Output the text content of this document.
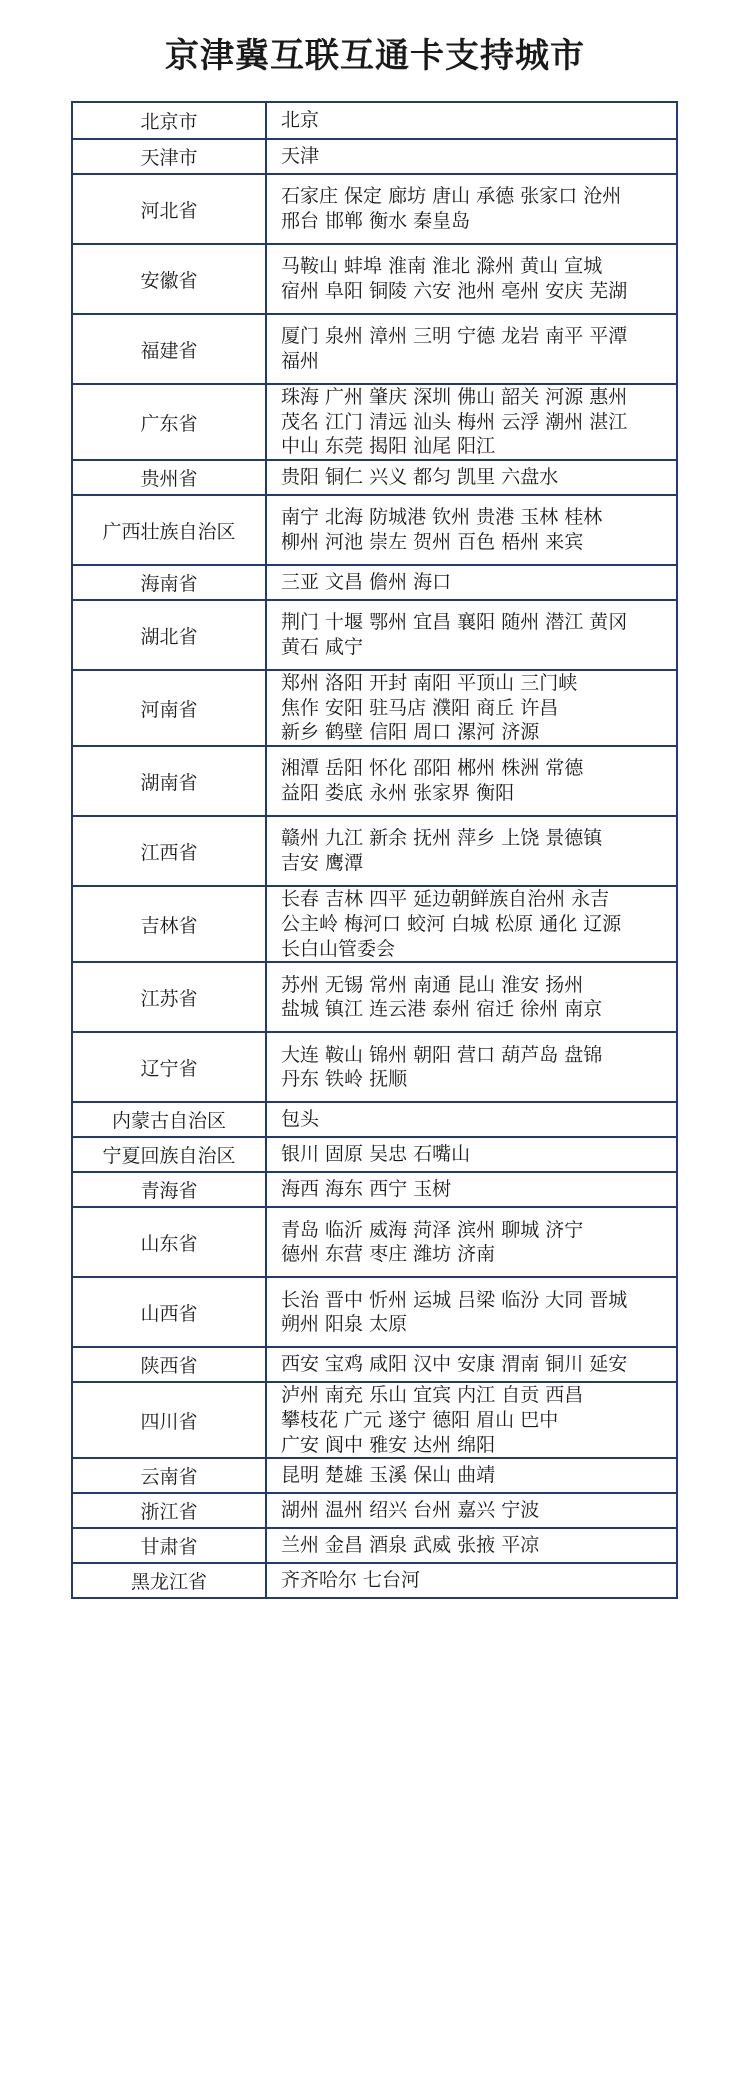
京津冀互联互通卡支持城市
北京市	北京

天津市	天津

河北省	石家庄 保定 廊坊 唐山 承德 张家口 沧州
邢台 邯郸 衡水 秦皇岛

安徽省	马鞍山 蚌埠 淮南 淮北 滁州 黄山 宣城
宿州 阜阳 铜陵 六安 池州 亳州 安庆 芜湖

福建省	厦门 泉州 漳州 三明 宁德 龙岩 南平 平潭
福州

广东省	珠海 广州 肇庆 深圳 佛山 韶关 河源 惠州
茂名 江门 清远 汕头 梅州 云浮 潮州 湛江
中山 东莞 揭阳 汕尾 阳江

贵州省	贵阳 铜仁 兴义 都匀 凯里 六盘水

广西壮族自治区	南宁 北海 防城港 钦州 贵港 玉林 桂林
柳州 河池 崇左 贺州 百色 梧州 来宾

海南省	三亚 文昌 儋州 海口

湖北省	荆门 十堰 鄂州 宜昌 襄阳 随州 潜江 黄冈
黄石 咸宁

河南省	郑州 洛阳 开封 南阳 平顶山 三门峡
焦作 安阳 驻马店 濮阳 商丘 许昌
新乡 鹤壁 信阳 周口 漯河 济源

湖南省	湘潭 岳阳 怀化 邵阳 郴州 株洲 常德
益阳 娄底 永州 张家界 衡阳

江西省	赣州 九江 新余 抚州 萍乡 上饶 景德镇
吉安 鹰潭

吉林省	长春 吉林 四平 延边朝鲜族自治州 永吉
公主岭 梅河口 蛟河 白城 松原 通化 辽源
长白山管委会

江苏省	苏州 无锡 常州 南通 昆山 淮安 扬州
盐城 镇江 连云港 泰州 宿迁 徐州 南京

辽宁省	大连 鞍山 锦州 朝阳 营口 葫芦岛 盘锦
丹东 铁岭 抚顺

内蒙古自治区	包头

宁夏回族自治区	银川 固原 吴忠 石嘴山

青海省	海西 海东 西宁 玉树

山东省	青岛 临沂 威海 菏泽 滨州 聊城 济宁
德州 东营 枣庄 潍坊 济南

山西省	长治 晋中 忻州 运城 吕梁 临汾 大同 晋城
朔州 阳泉 太原

陕西省	西安 宝鸡 咸阳 汉中 安康 渭南 铜川 延安

四川省	泸州 南充 乐山 宜宾 内江 自贡 西昌
攀枝花 广元 遂宁 德阳 眉山 巴中
广安 阆中 雅安 达州 绵阳

云南省	昆明 楚雄 玉溪 保山 曲靖

浙江省	湖州 温州 绍兴 台州 嘉兴 宁波

甘肃省	兰州 金昌 酒泉 武威 张掖 平凉

黑龙江省	齐齐哈尔 七台河
